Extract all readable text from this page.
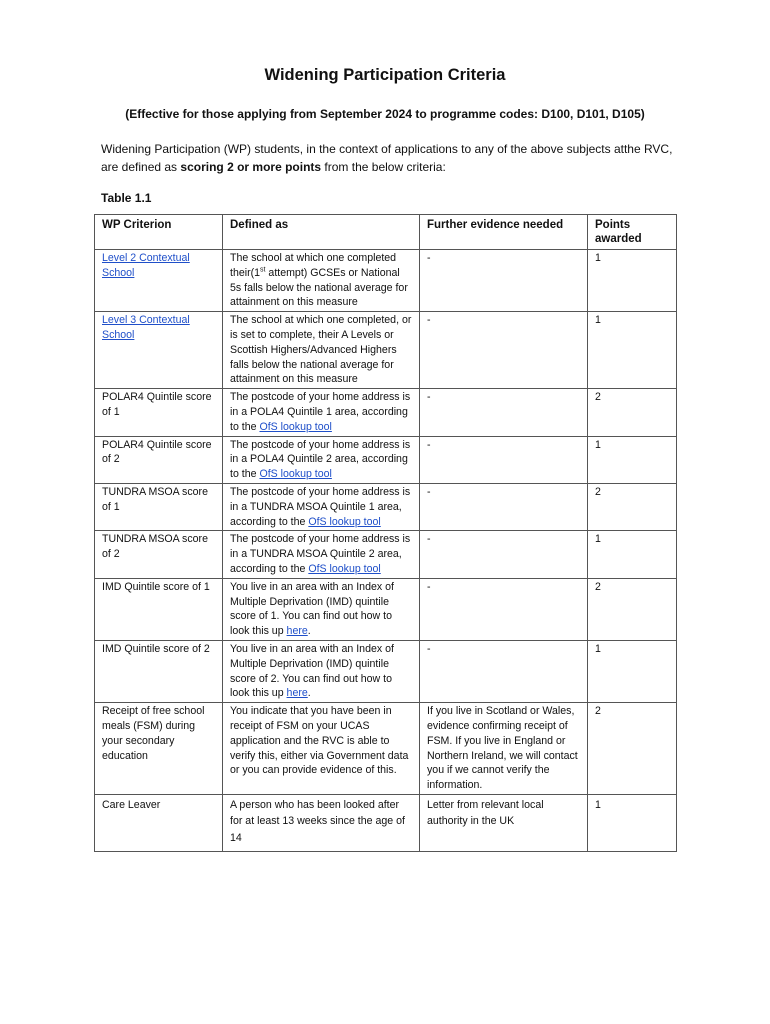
Widening Participation Criteria
(Effective for those applying from September 2024 to programme codes: D100, D101, D105)
Widening Participation (WP) students, in the context of applications to any of the above subjects atthe RVC, are defined as scoring 2 or more points from the below criteria:
Table 1.1
WP Criterion	Defined as	Further evidence needed	Points awarded
Level 2 Contextual School	The school at which one completed their(1st attempt) GCSEs or National 5s falls below the national average for attainment on this measure	-	1
Level 3 Contextual School	The school at which one completed, or is set to complete, their A Levels or Scottish Highers/Advanced Highers falls below the national average for attainment on this measure	-	1
POLAR4 Quintile score of 1	The postcode of your home address is in a POLA4 Quintile 1 area, according to the OfS lookup tool	-	2
POLAR4 Quintile score of 2	The postcode of your home address is in a POLA4 Quintile 2 area, according to the OfS lookup tool	-	1
TUNDRA MSOA score of 1	The postcode of your home address is in a TUNDRA MSOA Quintile 1 area, according to the OfS lookup tool	-	2
TUNDRA MSOA score of 2	The postcode of your home address is in a TUNDRA MSOA Quintile 2 area, according to the OfS lookup tool	-	1
IMD Quintile score of 1	You live in an area with an Index of Multiple Deprivation (IMD) quintile score of 1. You can find out how to look this up here.	-	2
IMD Quintile score of 2	You live in an area with an Index of Multiple Deprivation (IMD) quintile score of 2. You can find out how to look this up here.	-	1
Receipt of free school meals (FSM) during your secondary education	You indicate that you have been in receipt of FSM on your UCAS application and the RVC is able to verify this, either via Government data or you can provide evidence of this.	If you live in Scotland or Wales, evidence confirming receipt of FSM. If you live in England or Northern Ireland, we will contact you if we cannot verify the information.	2
Care Leaver	A person who has been looked after for at least 13 weeks since the age of 14	Letter from relevant local authority in the UK	1
